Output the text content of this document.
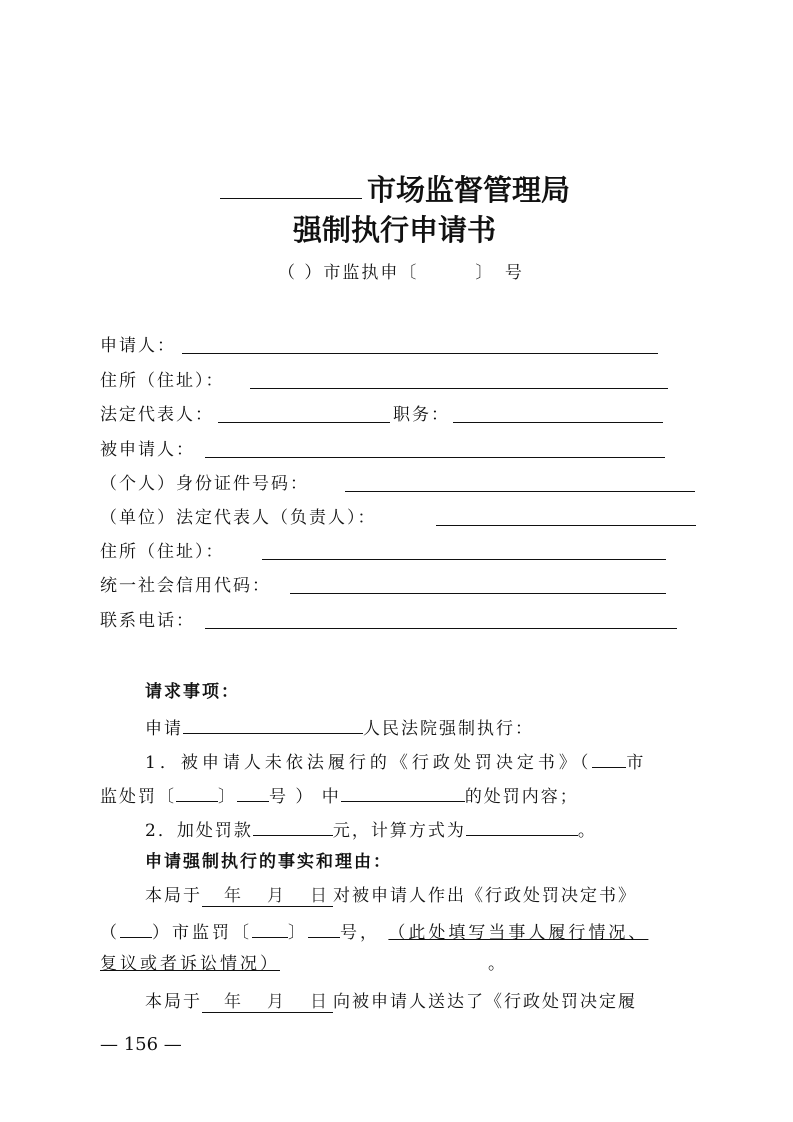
市场监督管理局
强制执行申请书
（ ）市监执申〔　　　〕　号
申请人：
住所（住址）：
法定代表人：	职务：
被申请人：
（个人）身份证件号码：
（单位）法定代表人（负责人）：
住所（住址）：
统一社会信用代码：
联系电话：
请求事项：
申请	人民法院强制执行：
1．被申请人未依法履行的《行政处罚决定书》（ 市
监处罚〔 〕 号 ） 中	的处罚内容；
2．加处罚款	元，计算方式为	。
申请强制执行的事实和理由：
本局于 年 月 日 对被申请人作出《行政处罚决定书》
（ ）市监罚〔 〕 号， （此处填写当事人履行情况、
复议或者诉讼情况）	。
本局于 年 月 日 向被申请人送达了《行政处罚决定履
— 156 —
